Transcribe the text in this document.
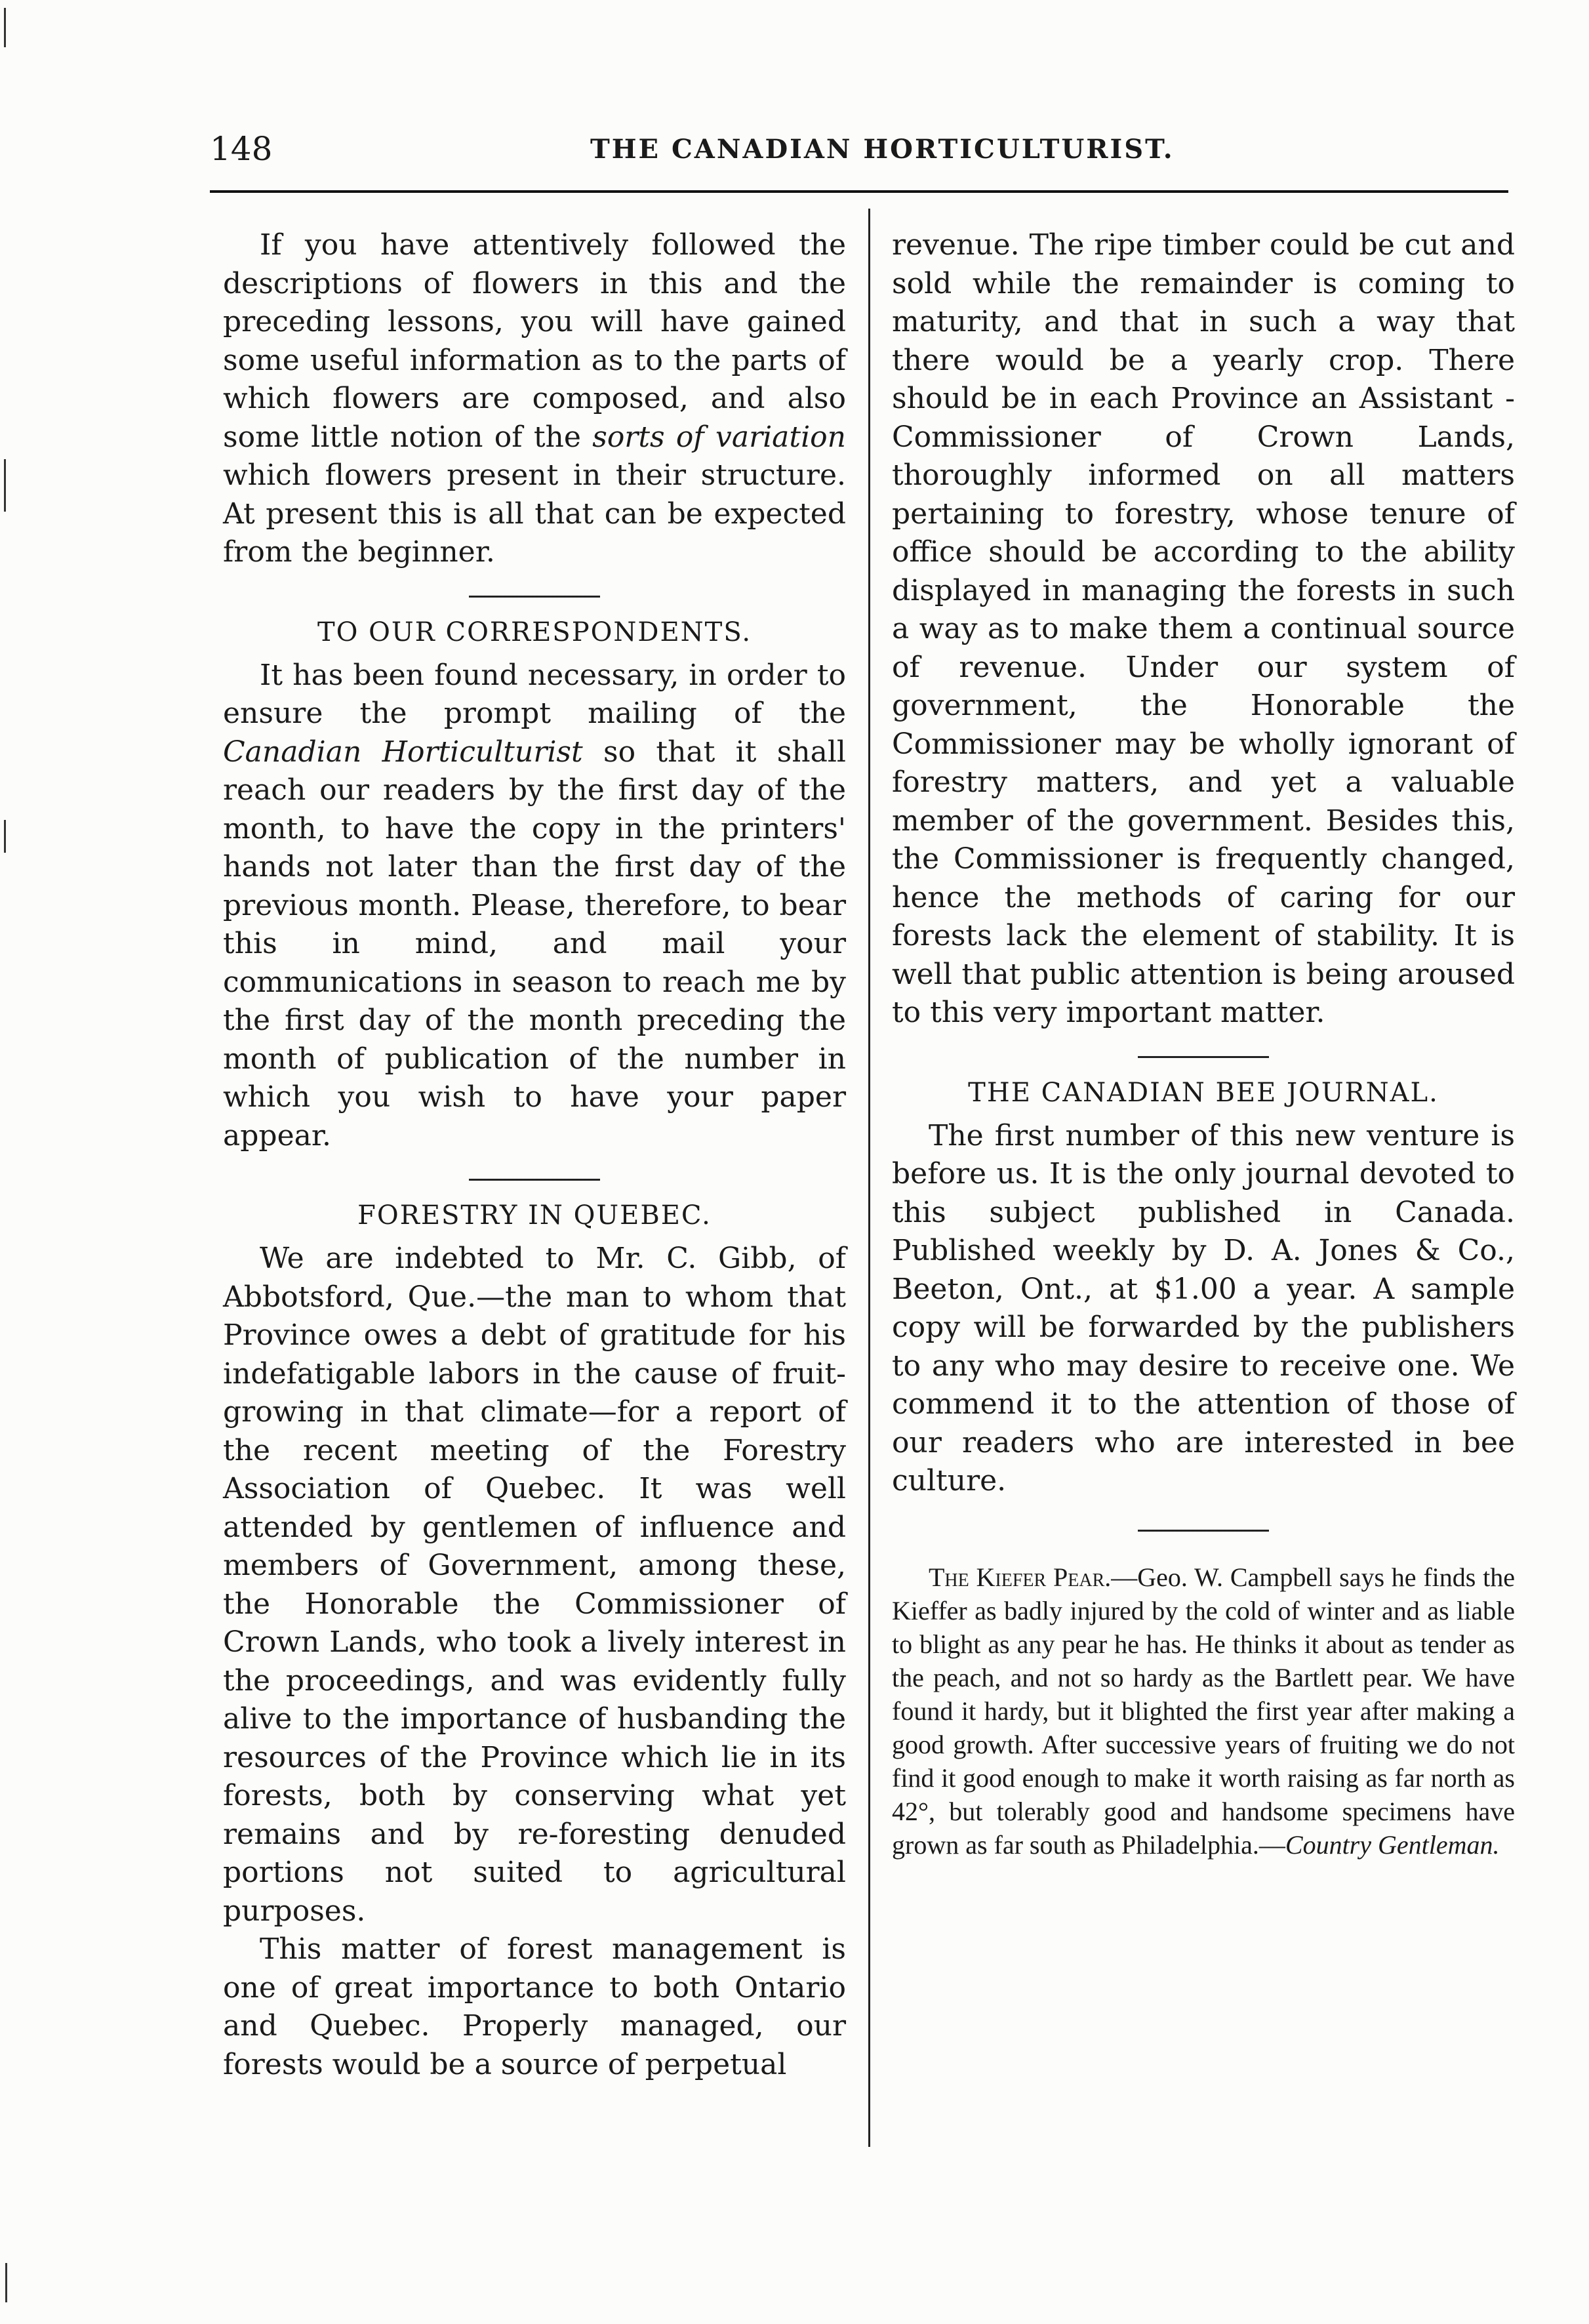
148	THE CANADIAN HORTICULTURIST.

If you have attentively followed the descriptions of flowers in this and the preceding lessons, you will have gained some useful information as to the parts of which flowers are composed, and also some little notion of the sorts of variation which flowers present in their structure. At present this is all that can be expected from the beginner.

TO OUR CORRESPONDENTS.

It has been found necessary, in order to ensure the prompt mailing of the Canadian Horticulturist so that it shall reach our readers by the first day of the month, to have the copy in the printers' hands not later than the first day of the previous month. Please, therefore, to bear this in mind, and mail your communications in season to reach me by the first day of the month preceding the month of publication of the number in which you wish to have your paper appear.

FORESTRY IN QUEBEC.

We are indebted to Mr. C. Gibb, of Abbotsford, Que.—the man to whom that Province owes a debt of gratitude for his indefatigable labors in the cause of fruit-growing in that climate—for a report of the recent meeting of the Forestry Association of Quebec. It was well attended by gentlemen of influence and members of Government, among these, the Honorable the Commissioner of Crown Lands, who took a lively interest in the proceedings, and was evidently fully alive to the importance of husbanding the resources of the Province which lie in its forests, both by conserving what yet remains and by re-foresting denuded portions not suited to agricultural purposes.

This matter of forest management is one of great importance to both Ontario and Quebec. Properly managed, our forests would be a source of perpetual

revenue. The ripe timber could be cut and sold while the remainder is coming to maturity, and that in such a way that there would be a yearly crop. There should be in each Province an Assistant - Commissioner of Crown Lands, thoroughly informed on all matters pertaining to forestry, whose tenure of office should be according to the ability displayed in managing the forests in such a way as to make them a continual source of revenue. Under our system of government, the Honorable the Commissioner may be wholly ignorant of forestry matters, and yet a valuable member of the government. Besides this, the Commissioner is frequently changed, hence the methods of caring for our forests lack the element of stability. It is well that public attention is being aroused to this very important matter.

THE CANADIAN BEE JOURNAL.

The first number of this new venture is before us. It is the only journal devoted to this subject published in Canada. Published weekly by D. A. Jones & Co., Beeton, Ont., at $1.00 a year. A sample copy will be forwarded by the publishers to any who may desire to receive one. We commend it to the attention of those of our readers who are interested in bee culture.

The Kiefer Pear.—Geo. W. Campbell says he finds the Kieffer as badly injured by the cold of winter and as liable to blight as any pear he has. He thinks it about as tender as the peach, and not so hardy as the Bartlett pear. We have found it hardy, but it blighted the first year after making a good growth. After successive years of fruiting we do not find it good enough to make it worth raising as far north as 42°, but tolerably good and handsome specimens have grown as far south as Philadelphia.—Country Gentleman.
